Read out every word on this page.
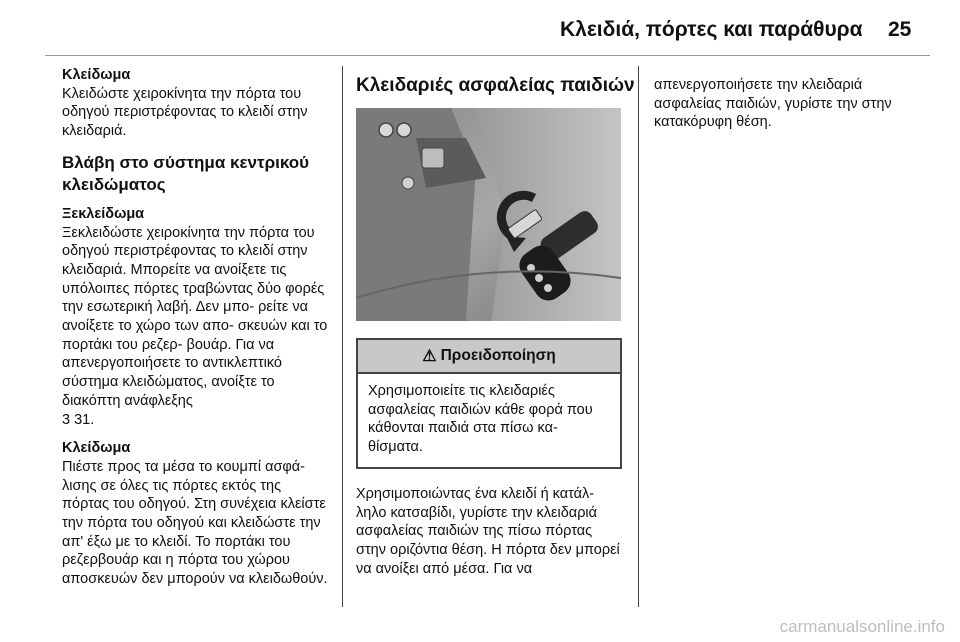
Κλειδιά, πόρτες και παράθυρα 25

Κλείδωμα

Κλειδώστε χειροκίνητα την πόρτα του οδηγού περιστρέφοντας το κλειδί στην κλειδαριά.

Βλάβη στο σύστημα κεντρικού κλειδώματος

Ξεκλείδωμα

Ξεκλειδώστε χειροκίνητα την πόρτα του οδηγού περιστρέφοντας το κλειδί στην κλειδαριά. Μπορείτε να ανοίξετε τις υπόλοιπες πόρτες τραβώντας δύο φορές την εσωτερική λαβή. Δεν μπο- ρείτε να ανοίξετε το χώρο των απο- σκευών και το πορτάκι του ρεζερ- βουάρ. Για να απενεργοποιήσετε το αντικλεπτικό σύστημα κλειδώματος, ανοίξτε το διακόπτη ανάφλεξης
3 31.

Κλείδωμα

Πιέστε προς τα μέσα το κουμπί ασφά- λισης σε όλες τις πόρτες εκτός της πόρτας του οδηγού. Στη συνέχεια κλείστε την πόρτα του οδηγού και κλειδώστε την απ' έξω με το κλειδί. Το πορτάκι του ρεζερβουάρ και η πόρτα του χώρου αποσκευών δεν μπορούν να κλειδωθούν.

Κλειδαριές ασφαλείας παιδιών

⚠ Προειδοποίηση

Χρησιμοποιείτε τις κλειδαριές ασφαλείας παιδιών κάθε φορά που κάθονται παιδιά στα πίσω κα- θίσματα.

Χρησιμοποιώντας ένα κλειδί ή κατάλ- ληλο κατσαβίδι, γυρίστε την κλειδαριά ασφαλείας παιδιών της πίσω πόρτας στην οριζόντια θέση. Η πόρτα δεν μπορεί να ανοίξει από μέσα. Για να

απενεργοποιήσετε την κλειδαριά ασφαλείας παιδιών, γυρίστε την στην κατακόρυφη θέση.

carmanualsonline.info
